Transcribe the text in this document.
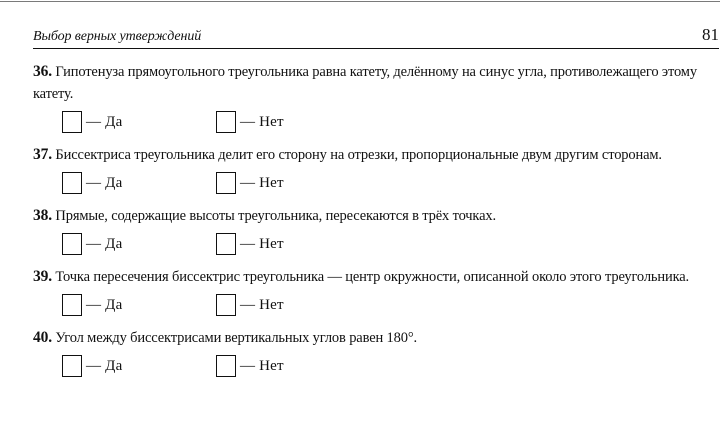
Выбор верных утверждений	81
36. Гипотенуза прямоугольного треугольника равна катету, делённому на синус угла, противолежащего этому катету.
— Да	— Нет
37. Биссектриса треугольника делит его сторону на отрезки, пропорциональные двум другим сторонам.
— Да	— Нет
38. Прямые, содержащие высоты треугольника, пересекаются в трёх точках.
— Да	— Нет
39. Точка пересечения биссектрис треугольника — центр окружности, описанной около этого треугольника.
— Да	— Нет
40. Угол между биссектрисами вертикальных углов равен 180°.
— Да	— Нет
